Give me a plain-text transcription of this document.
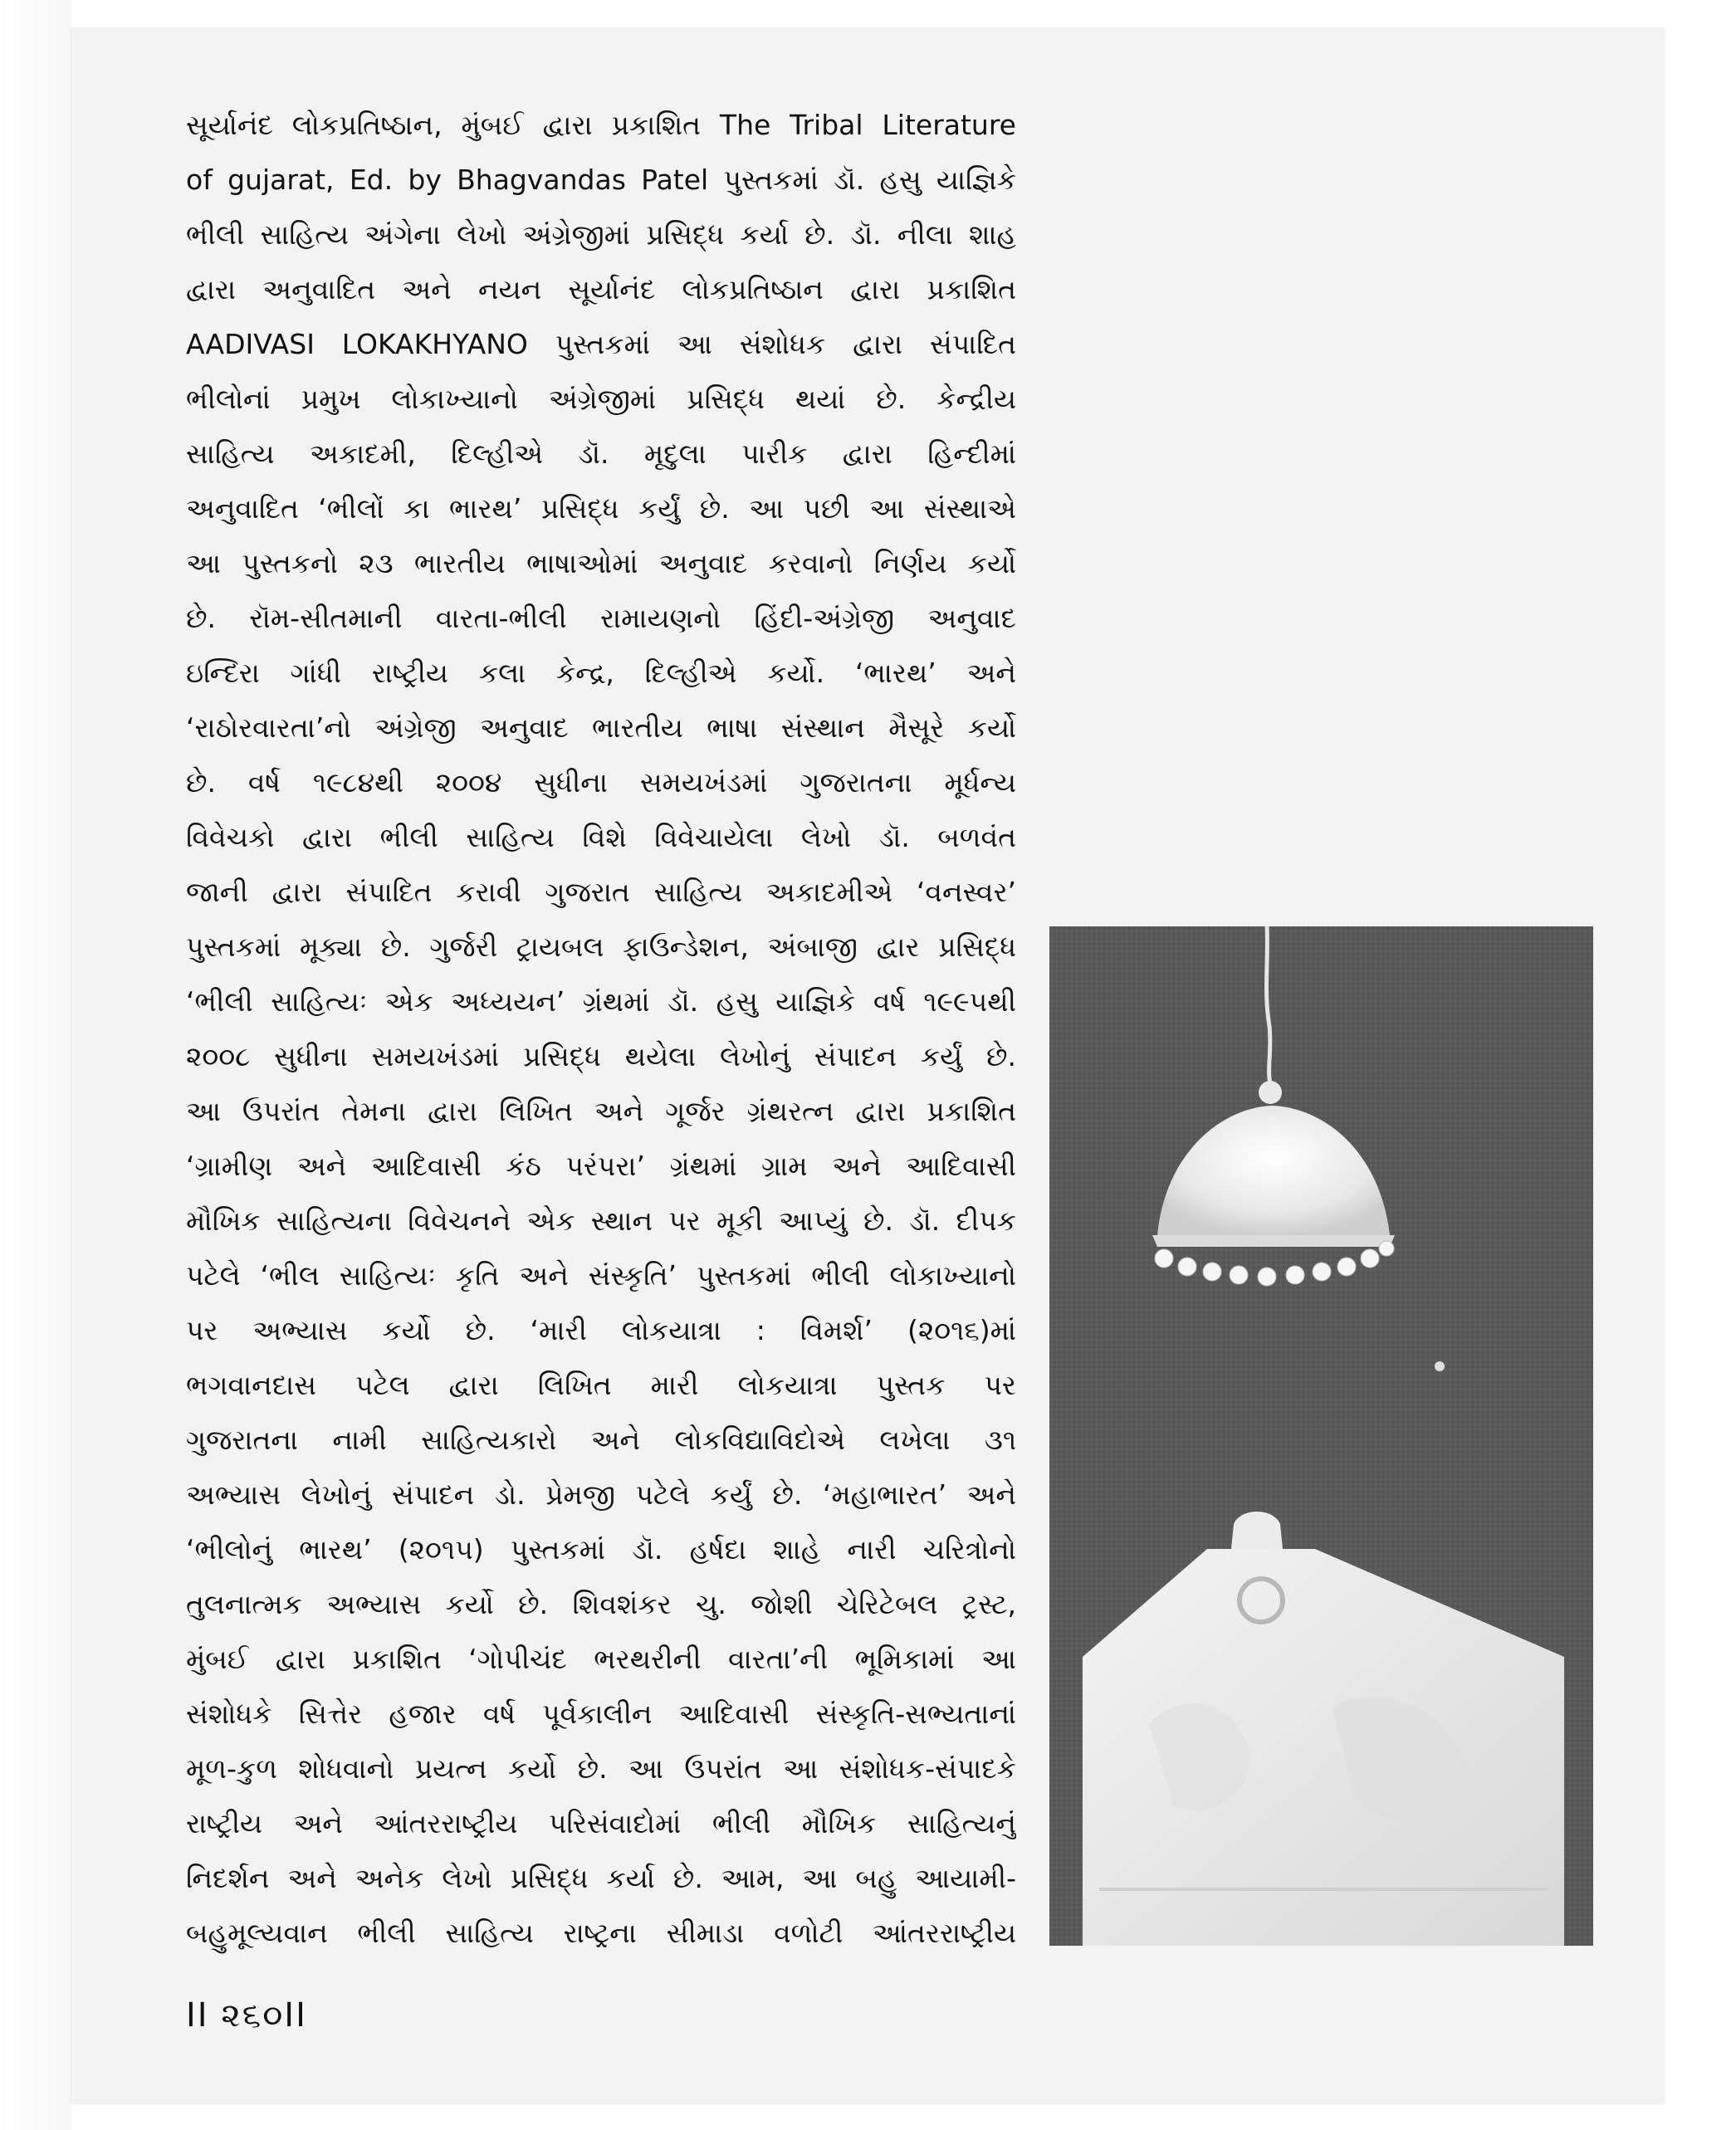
સૂર્યાનંદ લોકપ્રતિષ્ઠાન, મુંબઈ દ્વારા પ્રકાશિત The Tribal Literature
of gujarat, Ed. by Bhagvandas Patel પુસ્તકમાં ડૉ. હસુ યાજ્ઞિકે
ભીલી સાહિત્ય અંગેના લેખો અંગ્રેજીમાં પ્રસિદ્ધ કર્યા છે. ડૉ. નીલા શાહ
દ્વારા અનુવાદિત અને નયન સૂર્યાનંદ લોકપ્રતિષ્ઠાન દ્વારા પ્રકાશિત
AADIVASI LOKAKHYANO પુસ્તકમાં આ સંશોધક દ્વારા સંપાદિત
ભીલોનાં પ્રમુખ લોકાખ્યાનો અંગ્રેજીમાં પ્રસિદ્ધ થયાં છે. કેન્દ્રીય
સાહિત્ય અકાદમી, દિલ્હીએ ડૉ. મૃદુલા પારીક દ્વારા હિન્દીમાં
અનુવાદિત ‘ભીલોં કા ભારથ’ પ્રસિદ્ધ કર્યું છે. આ પછી આ સંસ્થાએ
આ પુસ્તકનો ૨૩ ભારતીય ભાષાઓમાં અનુવાદ કરવાનો નિર્ણય કર્યો
છે. રૉમ-સીતમાની વારતા-ભીલી રામાયણનો હિંદી-અંગ્રેજી અનુવાદ
ઇન્દિરા ગાંધી રાષ્ટ્રીય કલા કેન્દ્ર, દિલ્હીએ કર્યો. ‘ભારથ’ અને
‘રાઠોરવારતા’નો અંગ્રેજી અનુવાદ ભારતીય ભાષા સંસ્થાન મૈસૂરે કર્યો
છે. વર્ષ ૧૯૮૪થી ૨૦૦૪ સુધીના સમયખંડમાં ગુજરાતના મૂર્ધન્ય
વિવેચકો દ્વારા ભીલી સાહિત્ય વિશે વિવેચાયેલા લેખો ડૉ. બળવંત
જાની દ્વારા સંપાદિત કરાવી ગુજરાત સાહિત્ય અકાદમીએ ‘વનસ્વર’
પુસ્તકમાં મૂક્યા છે. ગુર્જરી ટ્રાયબલ ફાઉન્ડેશન, અંબાજી દ્વાર પ્રસિદ્ધ
‘ભીલી સાહિત્યઃ એક અધ્યયન’ ગ્રંથમાં ડૉ. હસુ યાજ્ઞિકે વર્ષ ૧૯૯૫થી
૨૦૦૮ સુધીના સમયખંડમાં પ્રસિદ્ધ થયેલા લેખોનું સંપાદન કર્યું છે.
આ ઉપરાંત તેમના દ્વારા લિખિત અને ગૂર્જર ગ્રંથરત્ન દ્વારા પ્રકાશિત
‘ગ્રામીણ અને આદિવાસી કંઠ પરંપરા’ ગ્રંથમાં ગ્રામ અને આદિવાસી
મૌખિક સાહિત્યના વિવેચનને એક સ્થાન પર મૂકી આપ્યું છે. ડૉ. દીપક
પટેલે ‘ભીલ સાહિત્યઃ કૃતિ અને સંસ્કૃતિ’ પુસ્તકમાં ભીલી લોકાખ્યાનો
પર અભ્યાસ કર્યો છે. ‘મારી લોકયાત્રા : વિમર્શ’ (૨૦૧૬)માં
ભગવાનદાસ પટેલ દ્વારા લિખિત મારી લોકયાત્રા પુસ્તક પર
ગુજરાતના નામી સાહિત્યકારો અને લોકવિદ્યાવિદોએ લખેલા ૩૧
અભ્યાસ લેખોનું સંપાદન ડો. પ્રેમજી પટેલે કર્યું છે. ‘મહાભારત’ અને
‘ભીલોનું ભારથ’ (૨૦૧૫) પુસ્તકમાં ડૉ. હર્ષદા શાહે નારી ચરિત્રોનો
તુલનાત્મક અભ્યાસ કર્યો છે. શિવશંકર ચુ. જોશી ચેરિટેબલ ટ્રસ્ટ,
મુંબઈ દ્વારા પ્રકાશિત ‘ગોપીચંદ ભરથરીની વારતા’ની ભૂમિકામાં આ
સંશોધકે સિત્તેર હજાર વર્ષ પૂર્વકાલીન આદિવાસી સંસ્કૃતિ-સભ્યતાનાં
મૂળ-કુળ શોધવાનો પ્રયત્ન કર્યો છે. આ ઉપરાંત આ સંશોધક-સંપાદકે
રાષ્ટ્રીય અને આંતરરાષ્ટ્રીય પરિસંવાદોમાં ભીલી મૌખિક સાહિત્યનું
નિદર્શન અને અનેક લેખો પ્રસિદ્ધ કર્યા છે. આમ, આ બહુ આયામી-
બહુમૂલ્યવાન ભીલી સાહિત્ય રાષ્ટ્રના સીમાડા વળોટી આંતરરાષ્ટ્રીય
II ૨૬૦II
